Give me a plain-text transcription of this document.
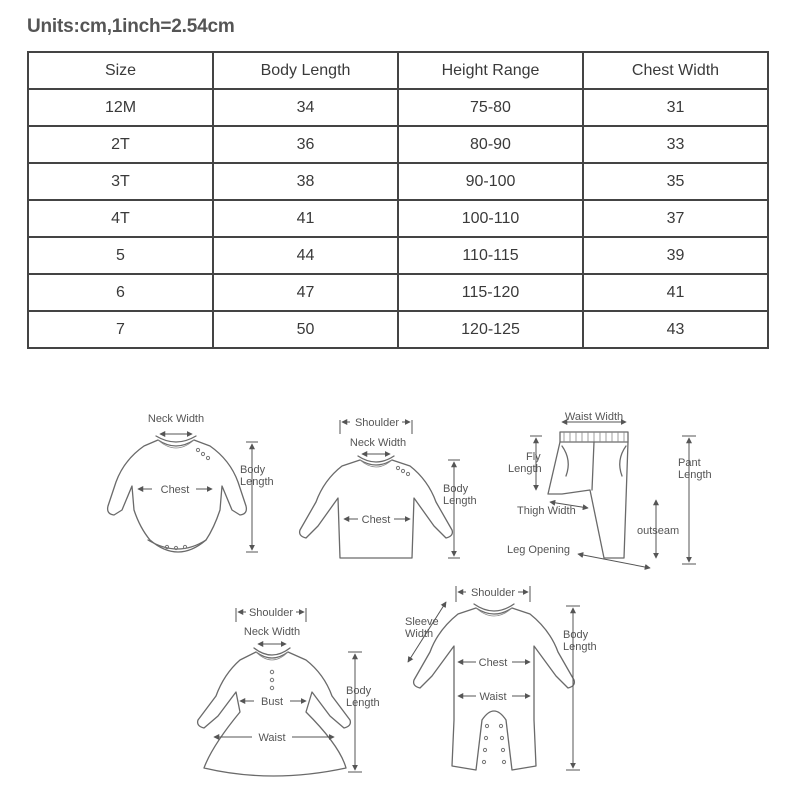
Units:cm,1inch=2.54cm
Size	Body Length	Height Range	Chest Width
12M	34	75-80	31
2T	36	80-90	33
3T	38	90-100	35
4T	41	100-110	37
5	44	110-115	39
6	47	115-120	41
7	50	120-125	43
Neck Width
Chest
Body
Length
Shoulder
Neck Width
Chest
Body
Length
Waist Width
Fly
Length	Pant
Length
Thigh Width
outseam
Leg Opening
Shoulder
Neck Width
Bust
Waist
Body
Length
Shoulder
Sleeve
Width
Chest
Waist
Body
Length
